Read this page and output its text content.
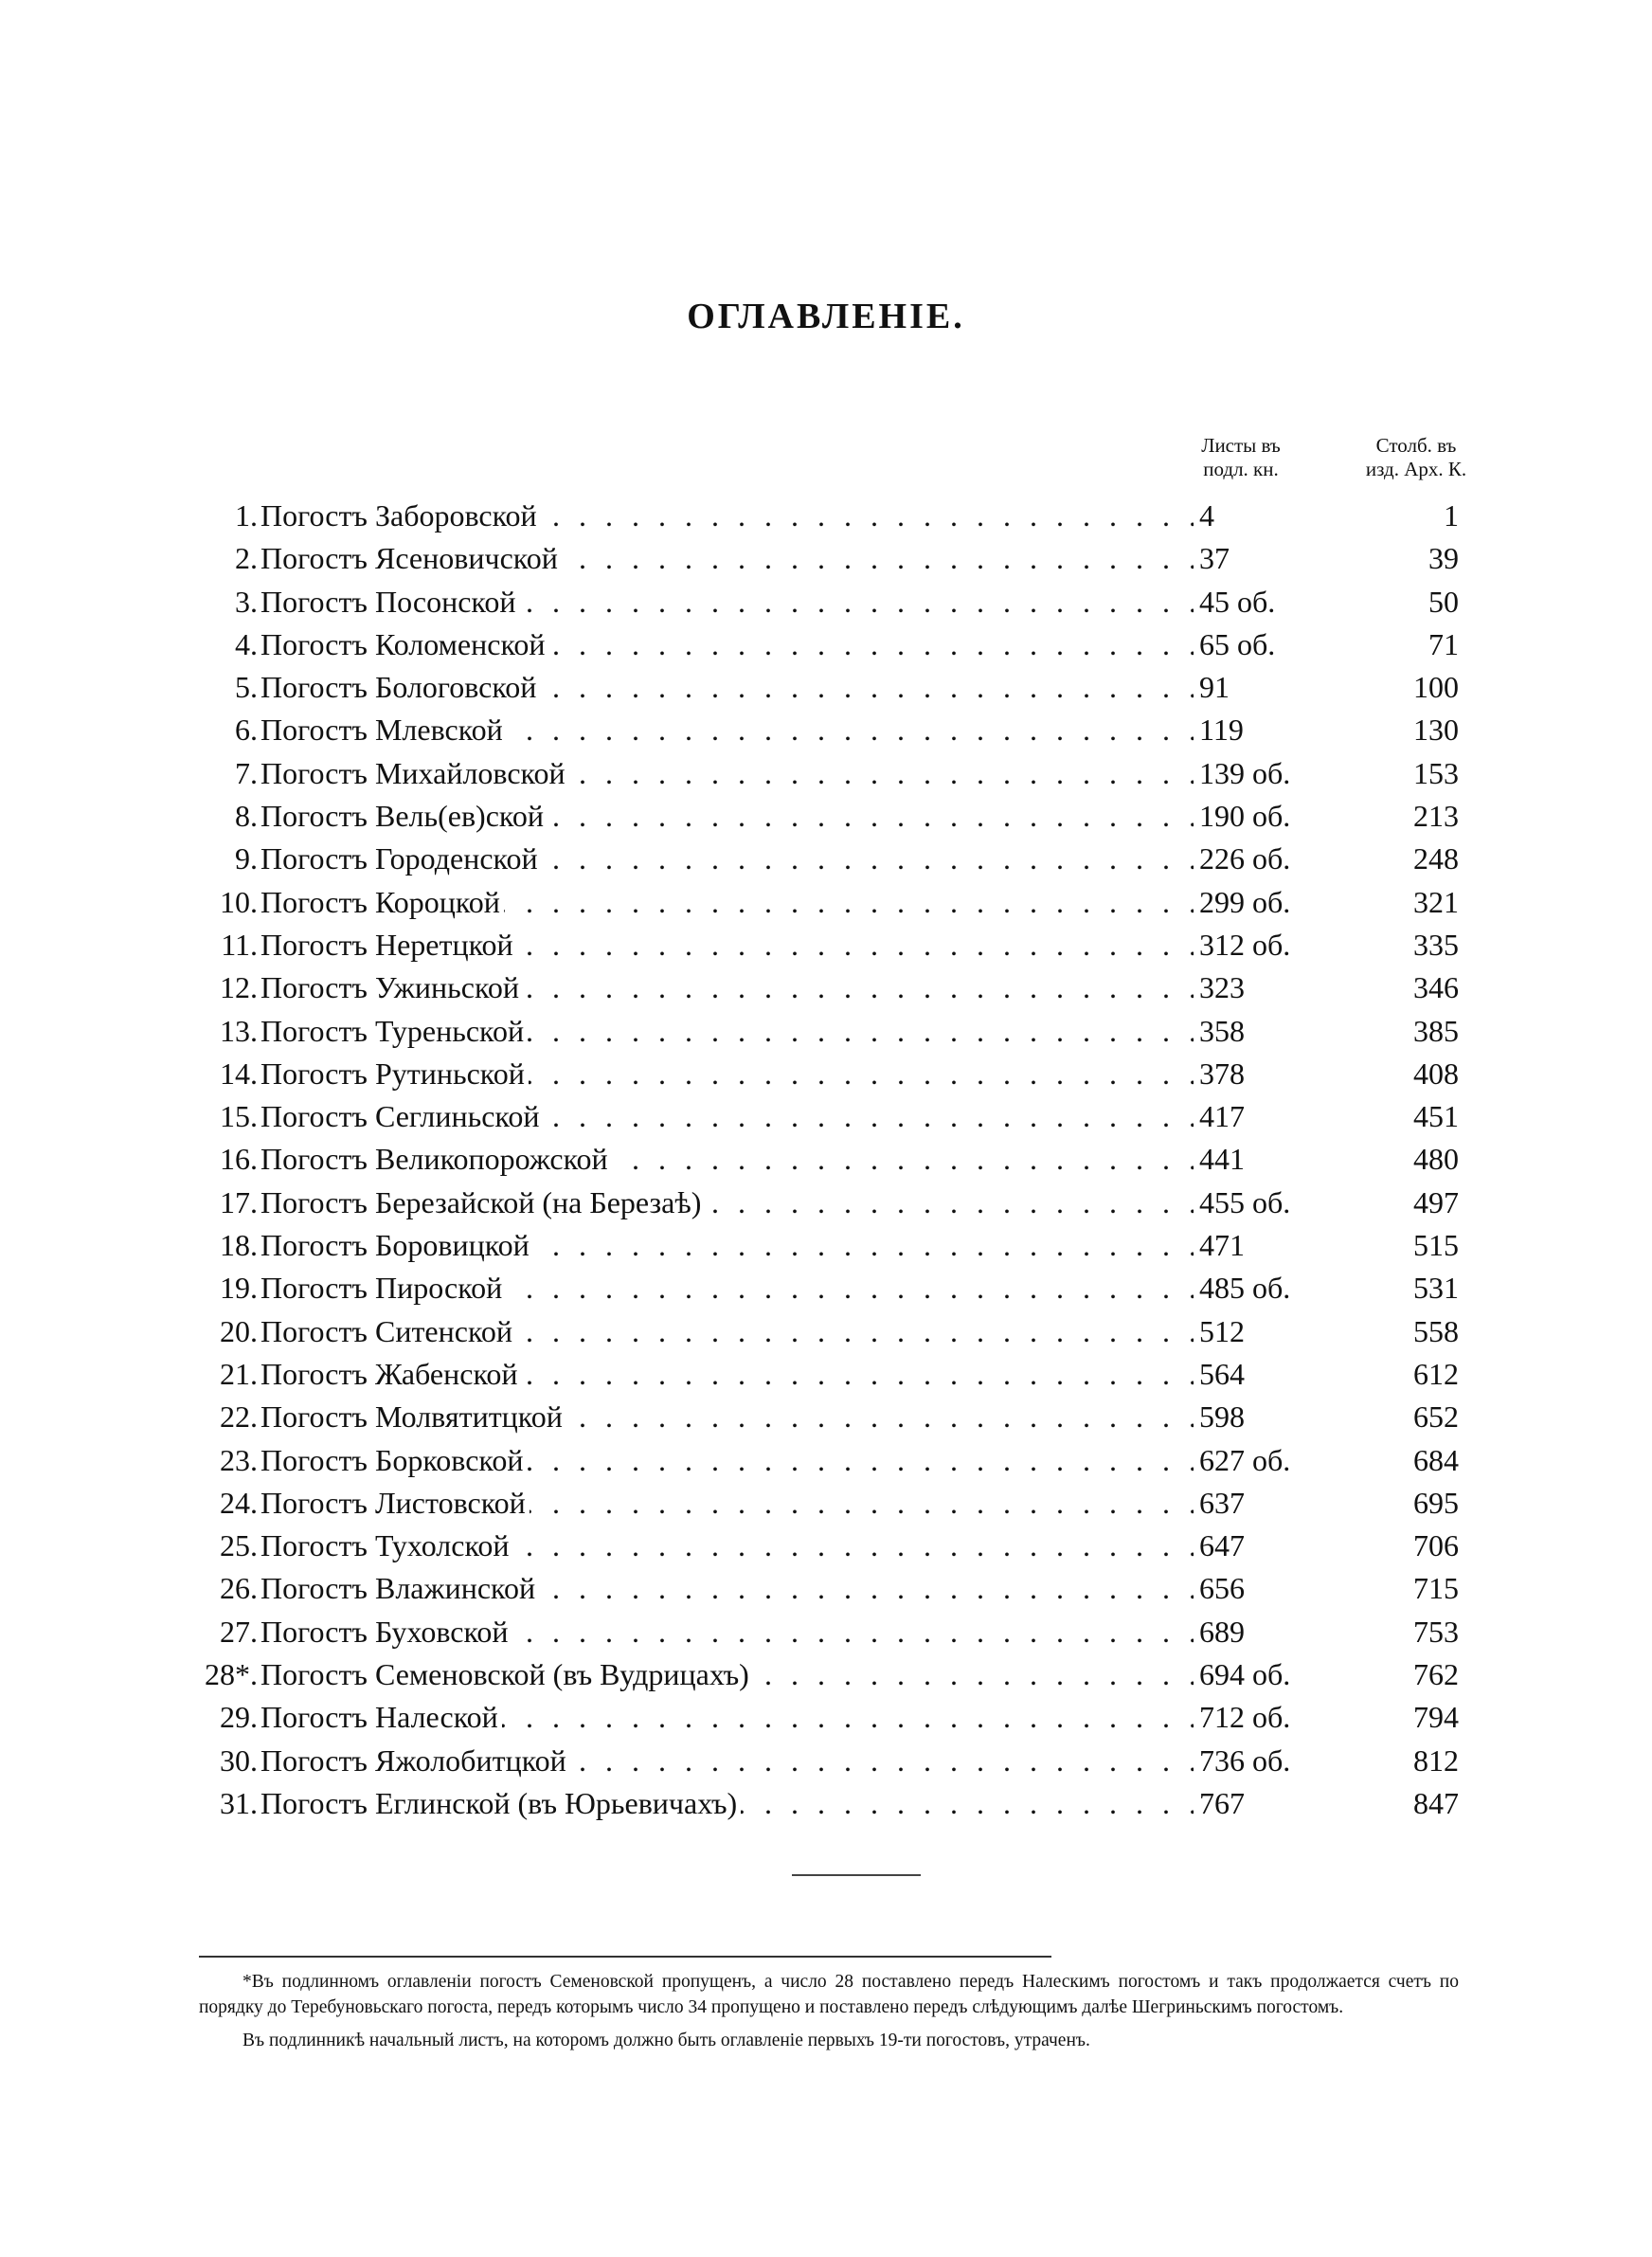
ОГЛАВЛЕНІЕ.
Листы въ
подл. кн.
Столб. въ
изд. Арх. К.
1. Погостъ Заборовской . . .	4	1
2. Погостъ Ясеновичской . . .	37	39
3. Погостъ Посонской . . .	45 об.	50
4. Погостъ Коломенской . . .	65 об.	71
5. Погостъ Бологовской . . .	91	100
6. Погостъ Млевской . . .	119	130
7. Погостъ Михайловской . . .	139 об.	153
8. Погостъ Вель(ев)ской . . .	190 об.	213
9. Погостъ Городенской . . .	226 об.	248
10. Погостъ Короцкой . . .	299 об.	321
11. Погостъ Неретцкой . . .	312 об.	335
12. Погостъ Ужиньской . . .	323	346
13. Погостъ Туреньской . . .	358	385
14. Погостъ Рутиньской . . .	378	408
15. Погостъ Сеглиньской . . .	417	451
16. Погостъ Великопорожской . . .	441	480
17. Погостъ Березайской (на Березаѣ) . . .	455 об.	497
18. Погостъ Боровицкой . . .	471	515
19. Погостъ Пироской . . .	485 об.	531
20. Погостъ Ситенской . . .	512	558
21. Погостъ Жабенской . . .	564	612
22. Погостъ Молвятитцкой . . .	598	652
23. Погостъ Борковской . . .	627 об.	684
24. Погостъ Листовской . . .	637	695
25. Погостъ Тухолской . . .	647	706
26. Погостъ Влажинской . . .	656	715
27. Погостъ Буховской . . .	689	753
28*. Погостъ Семеновской (въ Вудрицахъ) . . .	694 об.	762
29. Погостъ Налеской . . .	712 об.	794
30. Погостъ Яжолобитцкой . . .	736 об.	812
31. Погостъ Еглинской (въ Юрьевичахъ) . . .	767	847

*Въ подлинномъ оглавленіи погостъ Семеновской пропущенъ, а число 28 поставлено передъ Налескимъ погостомъ и такъ продолжается счетъ по порядку до Теребуновьскаго погоста, передъ которымъ число 34 пропущено и поставлено передъ слѣдующимъ далѣе Шегриньскимъ погостомъ.

Въ подлинникѣ начальный листъ, на которомъ должно быть оглавленіе первыхъ 19-ти погостовъ, утраченъ.
